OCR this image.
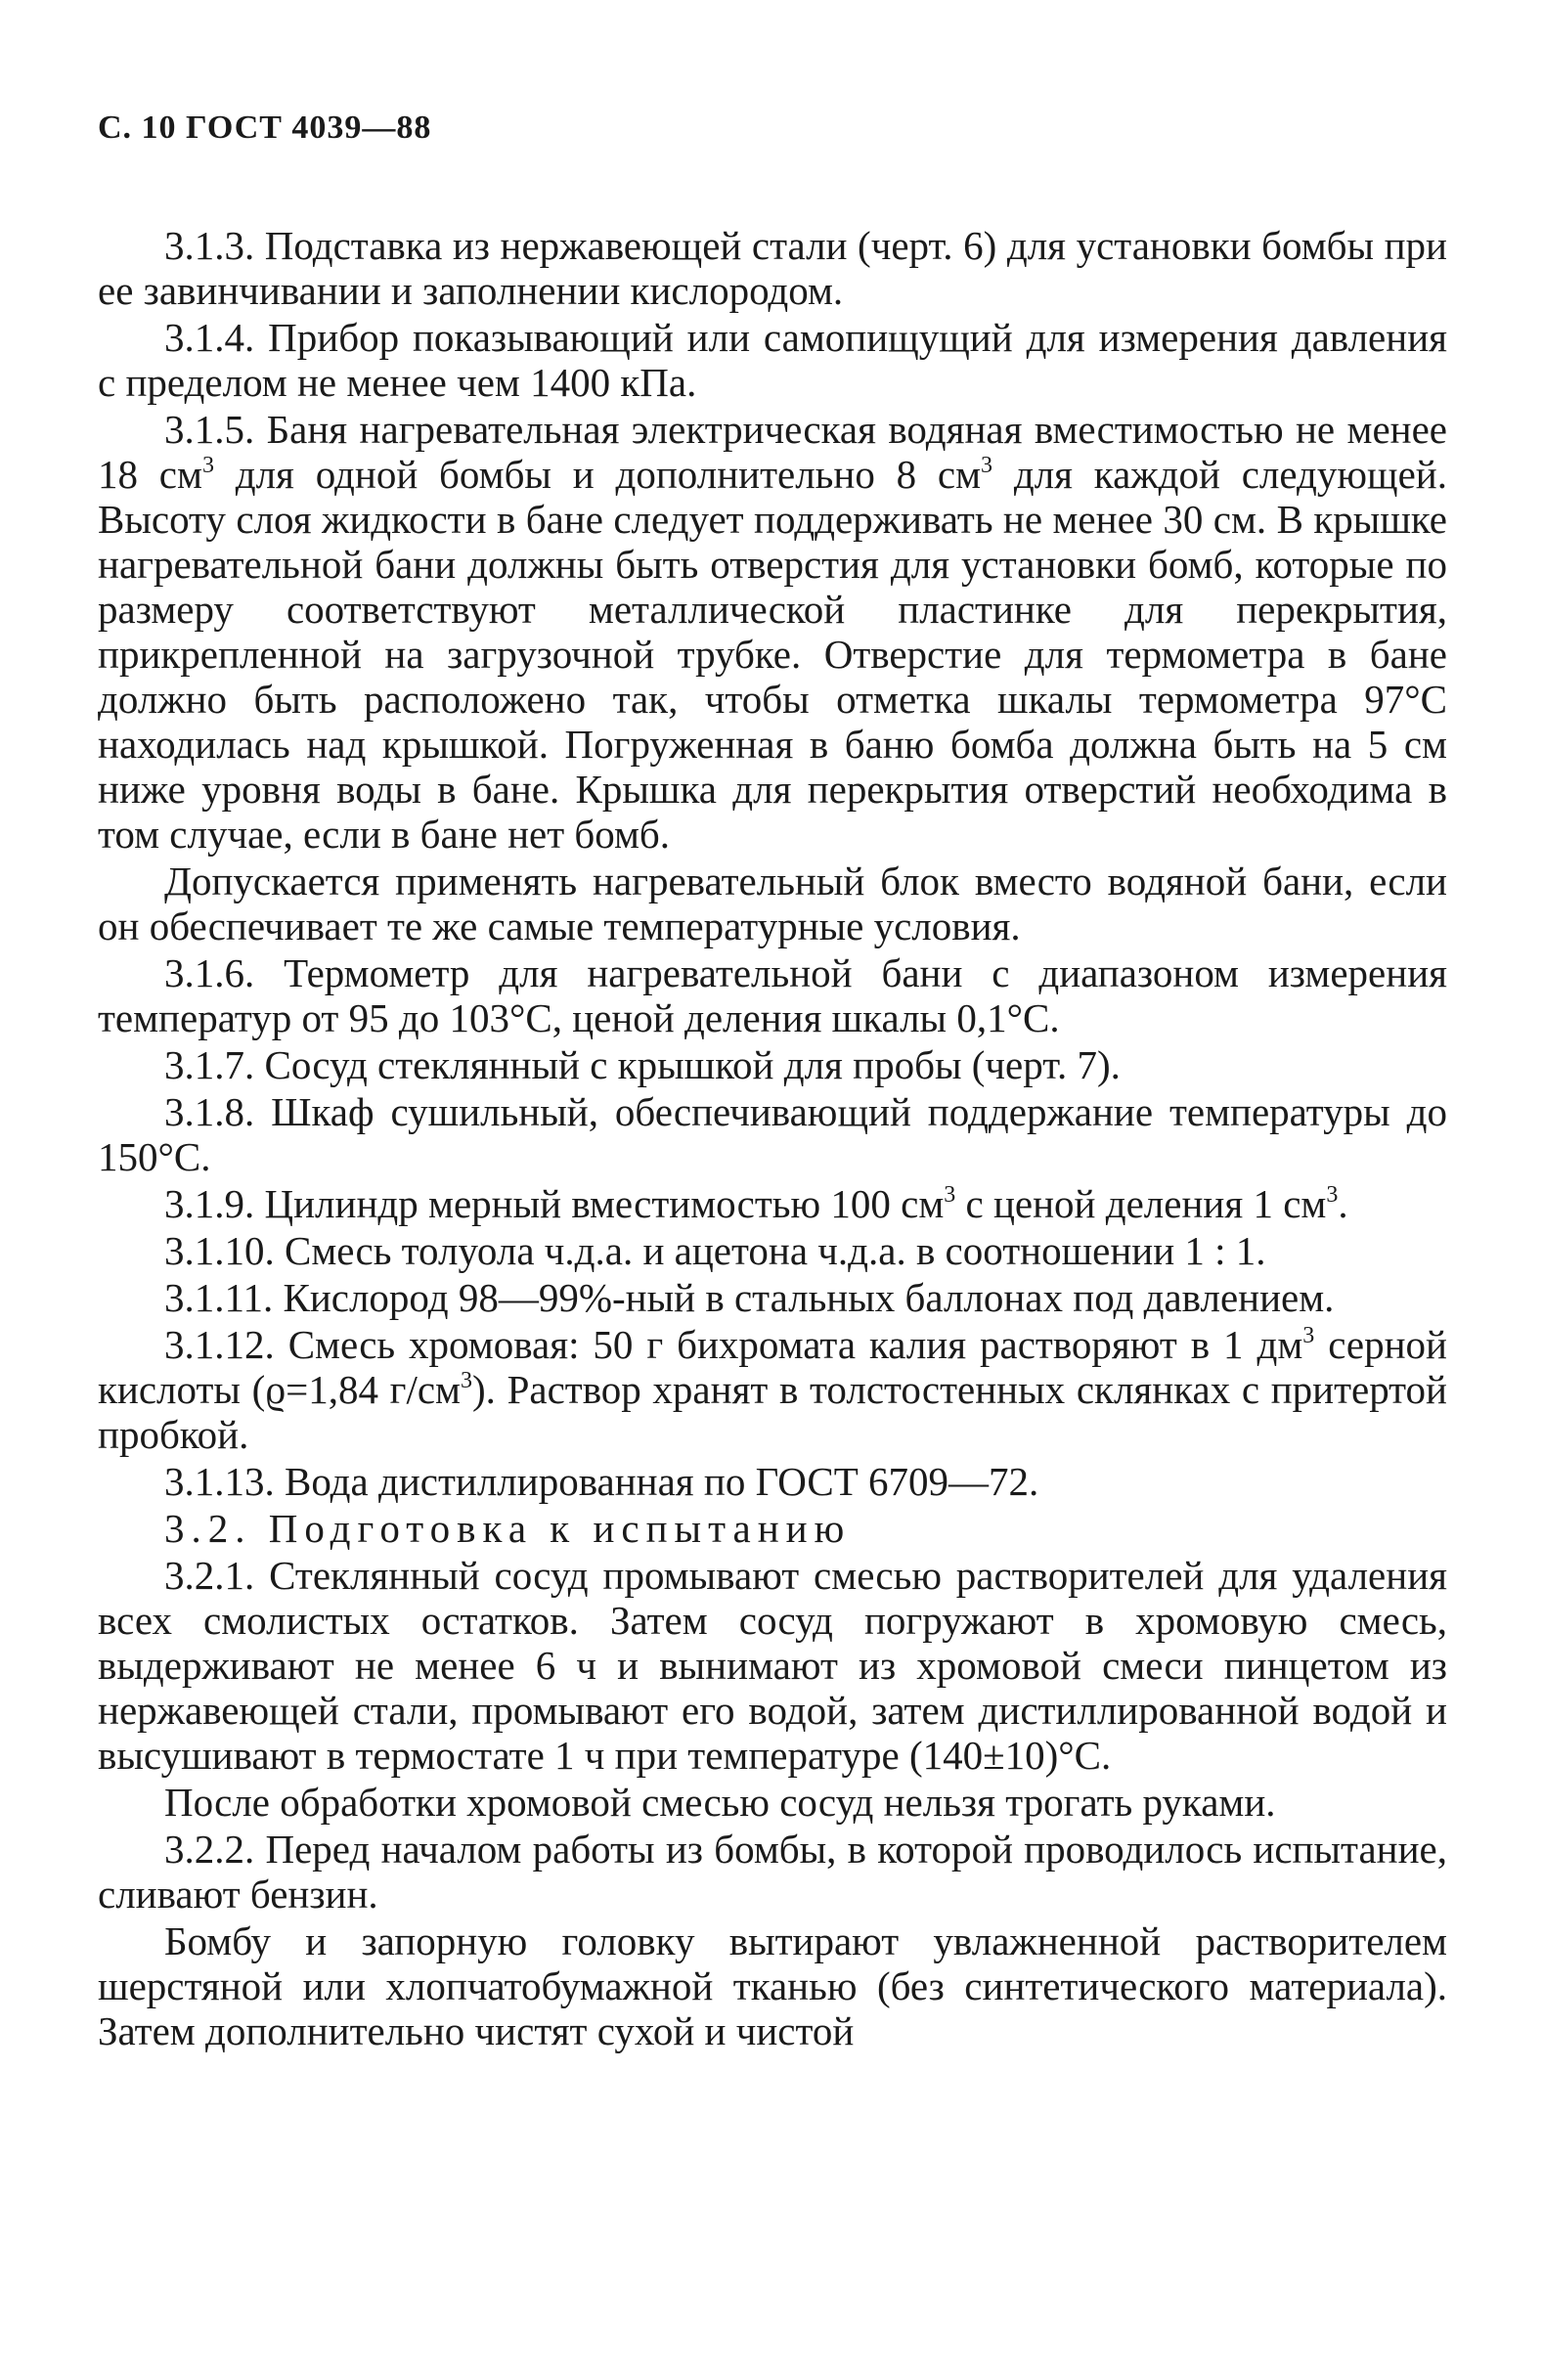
С. 10 ГОСТ 4039—88

3.1.3. Подставка из нержавеющей стали (черт. 6) для установки бомбы при ее завинчивании и заполнении кислородом.

3.1.4. Прибор показывающий или самопищущий для измерения давления с пределом не менее чем 1400 кПа.

3.1.5. Баня нагревательная электрическая водяная вместимостью не менее 18 $см^3$ для одной бомбы и дополнительно 8 $см^3$ для каждой следующей. Высоту слоя жидкости в бане следует поддерживать не менее 30 см. В крышке нагревательной бани должны быть отверстия для установки бомб, которые по размеру соответствуют металлической пластинке для перекрытия, прикрепленной на загрузочной трубке. Отверстие для термометра в бане должно быть расположено так, чтобы отметка шкалы термометра 97°С находилась над крышкой. Погруженная в баню бомба должна быть на 5 см ниже уровня воды в бане. Крышка для перекрытия отверстий необходима в том случае, если в бане нет бомб.

Допускается применять нагревательный блок вместо водяной бани, если он обеспечивает те же самые температурные условия.

3.1.6. Термометр для нагревательной бани с диапазоном измерения температур от 95 до 103°С, ценой деления шкалы 0,1°С.

3.1.7. Сосуд стеклянный с крышкой для пробы (черт. 7).

3.1.8. Шкаф сушильный, обеспечивающий поддержание температуры до 150°С.

3.1.9. Цилиндр мерный вместимостью 100 $см^3$ с ценой деления 1 $см^3$.

3.1.10. Смесь толуола ч.д.а. и ацетона ч.д.а. в соотношении 1 : 1.

3.1.11. Кислород 98—99%-ный в стальных баллонах под давлением.

3.1.12. Смесь хромовая: 50 г бихромата калия растворяют в 1 $дм^3$ серной кислоты (ϱ=1,84 $г/см^3$). Раствор хранят в толстостенных склянках с притертой пробкой.

3.1.13. Вода дистиллированная по ГОСТ 6709—72.

3.2. Подготовка к испытанию

3.2.1. Стеклянный сосуд промывают смесью растворителей для удаления всех смолистых остатков. Затем сосуд погружают в хромовую смесь, выдерживают не менее 6 ч и вынимают из хромовой смеси пинцетом из нержавеющей стали, промывают его водой, затем дистиллированной водой и высушивают в термостате 1 ч при температуре (140±10)°С.

После обработки хромовой смесью сосуд нельзя трогать руками.

3.2.2. Перед началом работы из бомбы, в которой проводилось испытание, сливают бензин.

Бомбу и запорную головку вытирают увлажненной растворителем шерстяной или хлопчатобумажной тканью (без синтетического материала). Затем дополнительно чистят сухой и чистой
